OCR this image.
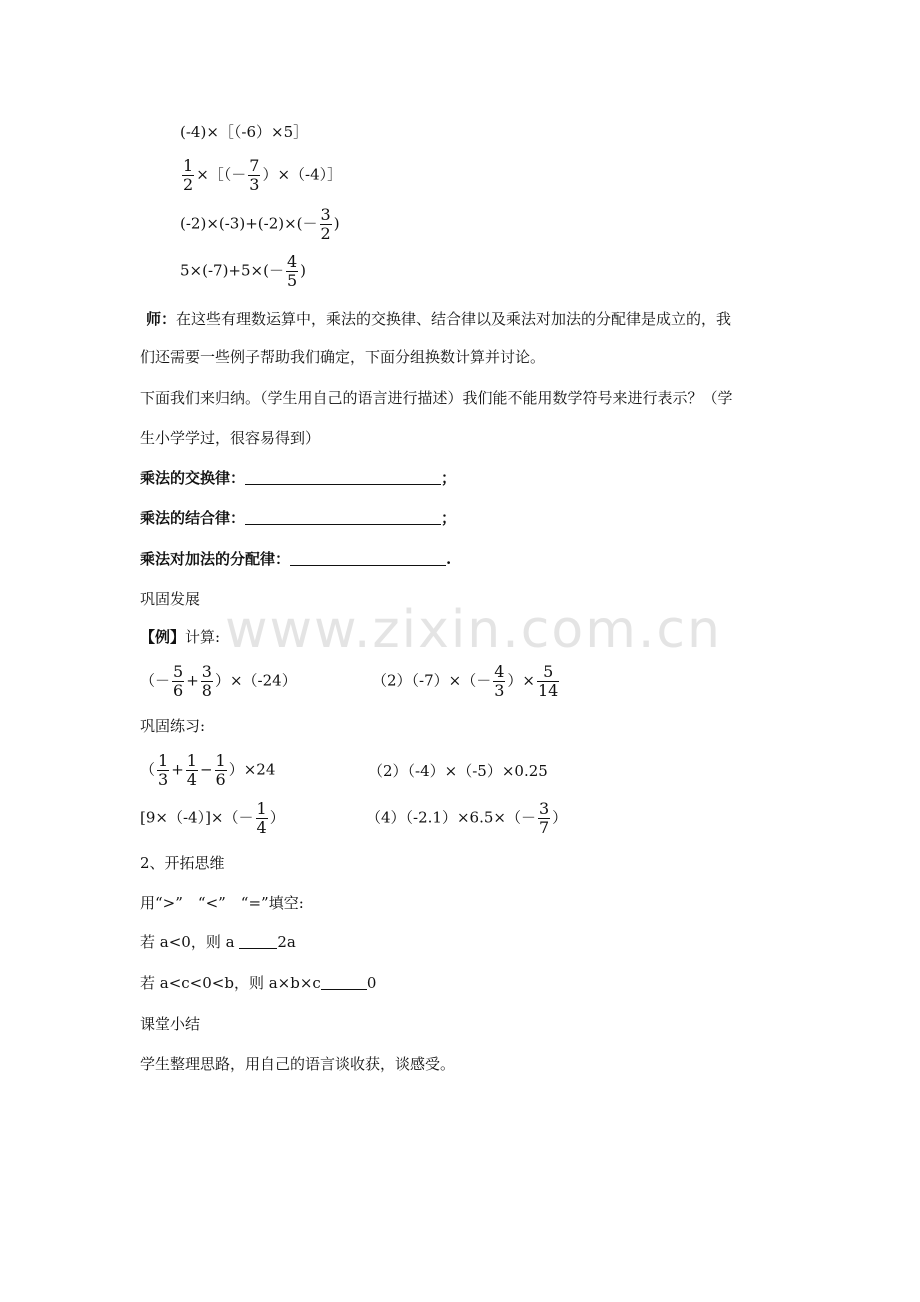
www.zixin.com.cn
(-4)×［（-6）×5］
$\frac{1}{2}$ ×［（－ $\frac{7}{3}$ ）×（-4）］
$(-2)\times(-3)+(-2)\times(- \frac{3}{2}$ )
$5\times(-7)+5\times(- \frac{4}{5}$ )
师：在这些有理数运算中，乘法的交换律、结合律以及乘法对加法的分配律是成立的，我
们还需要一些例子帮助我们确定，下面分组换数计算并讨论。
下面我们来归纳。（学生用自己的语言进行描述）我们能不能用数学符号来进行表示？（学
生小学学过，很容易得到）
乘法的交换律：	；
乘法的结合律：	；
乘法对加法的分配律：	.
巩固发展
【例】计算:
（－ $\frac{5}{6} + \frac{3}{8} )\times(-24)$	$(2)(-7)\times(- \frac{4}{3}$ ）× $\frac{5}{14}$
巩固练习:
（ $\frac{1}{3} + \frac{1}{4} - \frac{1}{6} )\times 24$	（2）（-4）×（-5）×0.25
$[9\times(-4)]\times(- \frac{1}{4}$ ）	$(4)(-2.1)\times 6.5\times(- \frac{3}{7}$ ）
2、开拓思维
用“>”　“<”　“=”填空:
若 a<0，则 a	2a
若 a<c<0<b，则 a×b×c	0
课堂小结
学生整理思路，用自己的语言谈收获，谈感受。
